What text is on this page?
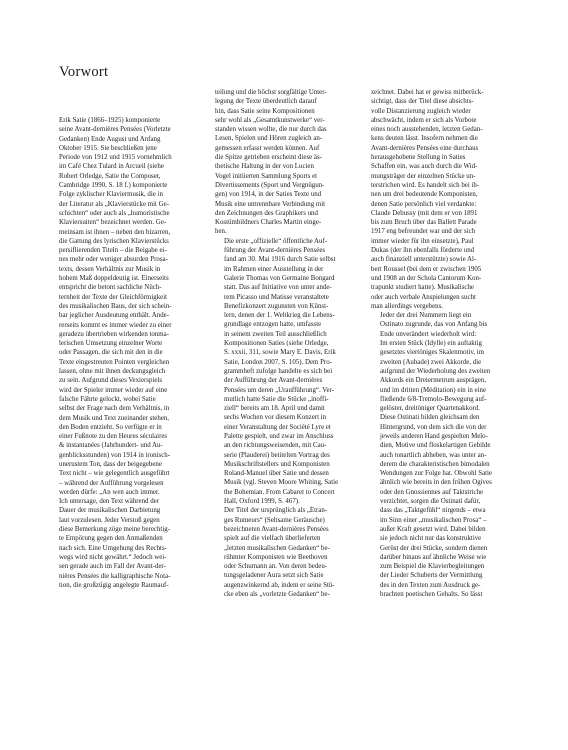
Vorwort

Erik Satie (1866–1925) komponierte
seine Avant-dernières Pensées (Vorletzte
Gedanken) Ende August und Anfang
Oktober 1915. Sie beschließen jene
Periode von 1912 und 1915 vornehmlich
im Café Chez Tulard in Arcueil (siehe
Robert Orledge, Satie the Composer,
Cambridge 1990, S. 18 f.) komponierte
Folge zyklischer Klaviermusik, die in
der Literatur als „Klavierstücke mit Ge-
schichten“ oder auch als „humoristische
Klaviersuiten“ bezeichnet werden. Ge-
meinsam ist ihnen – neben den bizarren,
die Gattung des lyrischen Klavierstücks
persiflierenden Titeln – die Beigabe ei-
nes mehr oder weniger absurden Prosa-
texts, dessen Verhältnis zur Musik in
hohem Maß doppeldeutig ist. Einerseits
entspricht die betont sachliche Nüch-
ternheit der Texte der Gleichförmigkeit
des musikalischen Baus, der sich schein-
bar jeglicher Ausdeutung enthält. Ande-
rerseits kommt es immer wieder zu einer
geradezu übertrieben wirkenden tonma-
lerischen Umsetzung einzelner Worte
oder Passagen, die sich mit den in die
Texte eingestreuten Pointen vergleichen
lassen, ohne mit ihnen deckungsgleich
zu sein. Aufgrund dieses Vexierspiels
wird der Spieler immer wieder auf eine
falsche Fährte gelockt, wobei Satie
selbst der Frage nach dem Verhältnis, in
dem Musik und Text zueinander stehen,
den Boden entzieht. So verfügte er in
einer Fußnote zu den Heures séculaires
& instantanées (Jahrhundert- und Au-
genblicksstunden) von 1914 in ironisch-
unerustem Ton, dass der beigegebene
Text nicht – wie gelegentlich ausgeführt
– während der Aufführung vorgelesen
werden dürfe: „An wen auch immer.
Ich untersage, den Text während der
Dauer der musikalischen Darbietung
laut vorzulesen. Jeder Verstoß gegen
diese Bemerkung zöge meine berechtig-
te Empörung gegen den Anmaßenden
nach sich. Eine Umgehung des Rechts-
wegs wird nicht gewährt.“ Jedoch wei-
sen gerade auch im Fall der Avant-der-
nières Pensées die kalligraphische Nota-
tion, die großzügig angelegte Raumauf-

teilung und die höchst sorgfältige Unter-
legung der Texte überdeutlich darauf
hin, dass Satie seine Kompositionen
sehr wohl als „Gesamtkunstwerke“ ver-
standen wissen wollte, die nur durch das
Lesen, Spielen und Hören zugleich an-
gemessen erfasst werden können. Auf
die Spitze getrieben erscheint diese äs-
thetische Haltung in der von Lucien
Vogel initiierten Sammlung Sports et
Divertissements (Sport und Vergnügun-
gen) von 1914, in der Saties Texte und
Musik eine untrennbare Verbindung mit
den Zeichnungen des Graphikers und
Kostümbildners Charles Martin einge-
hen.

Die erste „offizielle“ öffentliche Auf-
führung der Avant-dernières Pensées
fand am 30. Mai 1916 durch Satie selbst
im Rahmen einer Ausstellung in der
Galerie Thomas von Germaine Bongard
statt. Das auf Initiative von unter ande-
rem Picasso und Matisse veranstaltete
Benefizkonzert zugunsten von Künst-
lern, denen der 1. Weltkrieg die Lebens-
grundlage entzogen hatte, umfasste
in seinem zweiten Teil ausschließlich
Kompositionen Saties (siehe Orledge,
S. xxxii, 311, sowie Mary E. Davis, Erik
Satie, London 2007, S. 105). Dem Pro-
grammheft zufolge handelte es sich bei
der Aufführung der Avant-dernières
Pensées um deren „Uraufführung“. Ver-
mutlich hatte Satie die Stücke „inoffi-
ziell“ bereits am 18. April und damit
sechs Wochen vor diesem Konzert in
einer Veranstaltung der Société Lyre et
Palette gespielt, und zwar im Anschluss
an den richtungsweisenden, mit Cau-
serie (Plauderei) betitelten Vortrag des
Musikschriftstellers und Komponisten
Roland-Manuel über Satie und dessen
Musik (vgl. Steven Moore Whiting, Satie
the Bohemian. From Cabaret to Concert
Hall, Oxford 1999, S. 467).

Der Titel der ursprünglich als „Étran-
ges Rumeurs“ (Seltsame Geräusche)
bezeichneten Avant-dernières Pensées
spielt auf die vielfach überlieferten
„letzten musikalischen Gedanken“ be-
rühmter Komponisten wie Beethoven
oder Schumann an. Von deren bedeu-
tungsgeladener Aura setzt sich Satie
augenzwinkernd ab, indem er seine Stü-
cke eben als „vorletzte Gedanken“ be-

zeichnet. Dabei hat er gewiss mitberück-
sichtigt, dass der Titel diese absichts-
volle Distanzierung zugleich wieder
abschwächt, indem er sich als Vorbote
eines noch ausstehenden, letzten Gedan-
kens deuten lässt. Insofern nehmen die
Avant-dernières Pensées eine durchaus
herausgehobene Stellung in Saties
Schaffen ein, was auch durch die Wid-
mungsträger der einzelnen Stücke un-
terstrichen wird. Es handelt sich bei ih-
nen um drei bedeutende Komponisten,
denen Satie persönlich viel verdankte:
Claude Debussy (mit dem er von 1891
bis zum Bruch über das Ballett Parade
1917 eng befreundet war und der sich
immer wieder für ihn einsetzte), Paul
Dukas (der ihn ebenfalls förderte und
auch finanziell unterstützte) sowie Al-
bert Roussel (bei dem er zwischen 1905
und 1908 an der Schola Cantorum Kon-
trapunkt studiert hatte). Musikalische
oder auch verbale Anspielungen sucht
man allerdings vergebens.

Jeder der drei Nummern liegt ein
Ostinato zugrunde, das von Anfang bis
Ende unverändert wiederholt wird:
Im ersten Stück (Idylle) ein auftaktig
gesetztes viertöniges Skalenmotiv, im
zweiten (Aubade) zwei Akkorde, die
aufgrund der Wiederholung des zweiten
Akkords ein Dreiermetrum ausprägen,
und im dritten (Méditation) ein in eine
fließende 6/8-Tremolo-Bewegung auf-
gelöster, dreitöniger Quartenakkord.
Diese Ostinati bilden gleichsam den
Hintergrund, von dem sich die von der
jeweils anderen Hand gespielten Melo-
dien, Motive und floskelartigen Gebilde
auch tonartlich abheben, was unter an-
derem die charakteristischen bimodalen
Wendungen zur Folge hat. Obwohl Satie
ähnlich wie bereits in den frühen Ogives
oder den Gnossiennes auf Taktstriche
verzichtet, sorgen die Ostinati dafür,
dass das „Taktgefühl“ nirgends – etwa
im Sinn einer „musikalischen Prosa“ –
außer Kraft gesetzt wird. Dabei bilden
sie jedoch nicht nur das konstruktive
Gerüst der drei Stücke, sondern dienen
darüber hinaus auf ähnliche Weise wie
zum Beispiel die Klavierbegleitungen
der Lieder Schuberts der Vermittlung
des in den Texten zum Ausdruck ge-
brachten poetischen Gehalts. So lässt
